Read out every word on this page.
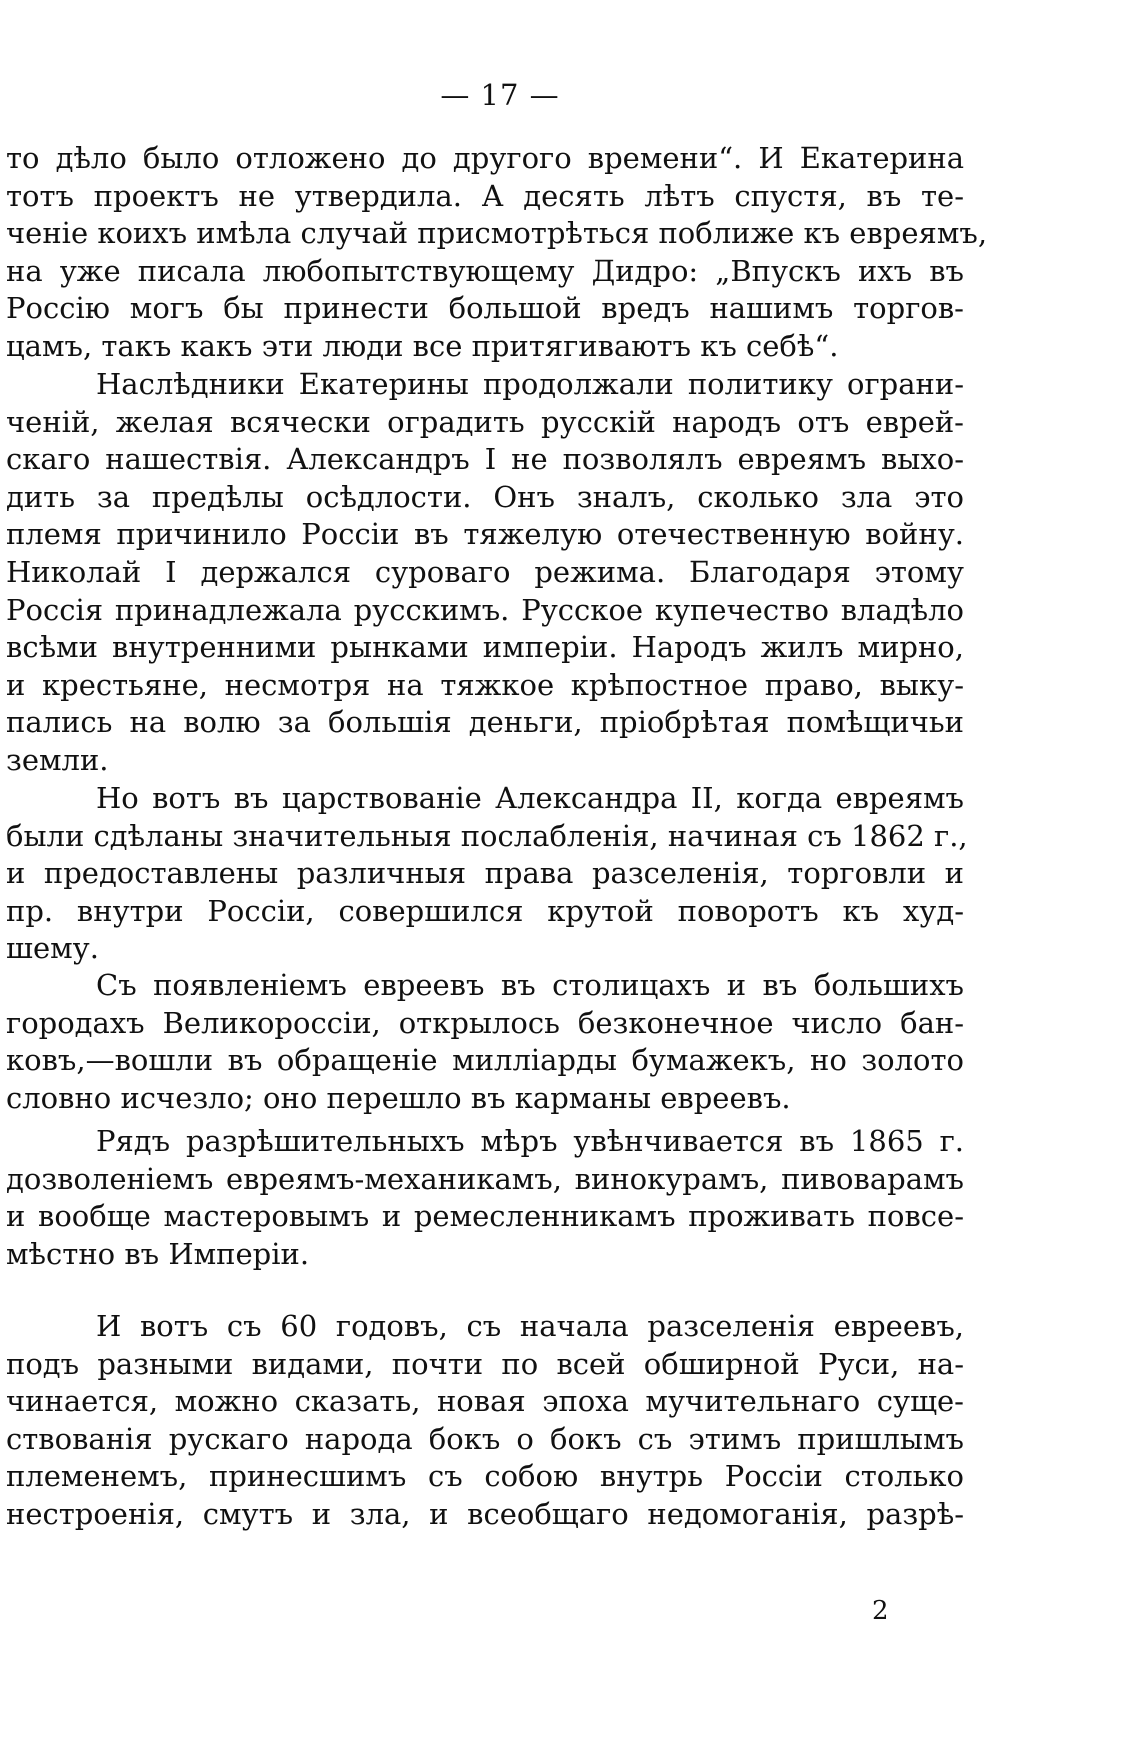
— 17 —
то дѣло было отложено до другого времени“. И Екатерина
тотъ проектъ не утвердила. А десять лѣтъ спустя, въ те-
ченіе коихъ имѣла случай присмотрѣться поближе къ евреямъ,
на уже писала любопытствующему Дидро: „Впускъ ихъ въ
Россію могъ бы принести большой вредъ нашимъ торгов-
цамъ, такъ какъ эти люди все притягиваютъ къ себѣ“.
Наслѣдники Екатерины продолжали политику ограни-
ченій, желая всячески оградить русскій народъ отъ еврей-
скаго нашествія. Александръ I не позволялъ евреямъ выхо-
дить за предѣлы осѣдлости. Онъ зналъ, сколько зла это
племя причинило Россіи въ тяжелую отечественную войну.
Николай I держался суроваго режима. Благодаря этому
Россія принадлежала русскимъ. Русское купечество владѣло
всѣми внутренними рынками имперіи. Народъ жилъ мирно,
и крестьяне, несмотря на тяжкое крѣпостное право, выку-
пались на волю за большія деньги, пріобрѣтая помѣщичьи
земли.
Но вотъ въ царствованіе Александра II, когда евреямъ
были сдѣланы значительныя послабленія, начиная съ 1862 г.,
и предоставлены различныя права разселенія, торговли и
пр. внутри Россіи, совершился крутой поворотъ къ худ-
шему.
Съ появленіемъ евреевъ въ столицахъ и въ большихъ
городахъ Великороссіи, открылось безконечное число бан-
ковъ,—вошли въ обращеніе милліарды бумажекъ, но золото
словно исчезло; оно перешло въ карманы евреевъ.
Рядъ разрѣшительныхъ мѣръ увѣнчивается въ 1865 г.
дозволеніемъ евреямъ-механикамъ, винокурамъ, пивоварамъ
и вообще мастеровымъ и ремесленникамъ проживать повсе-
мѣстно въ Имперіи.
И вотъ съ 60 годовъ, съ начала разселенія евреевъ,
подъ разными видами, почти по всей обширной Руси, на-
чинается, можно сказать, новая эпоха мучительнаго суще-
ствованія рускаго народа бокъ о бокъ съ этимъ пришлымъ
племенемъ, принесшимъ съ собою внутрь Россіи столько
нестроенія, смутъ и зла, и всеобщаго недомоганія, разрѣ-
2
